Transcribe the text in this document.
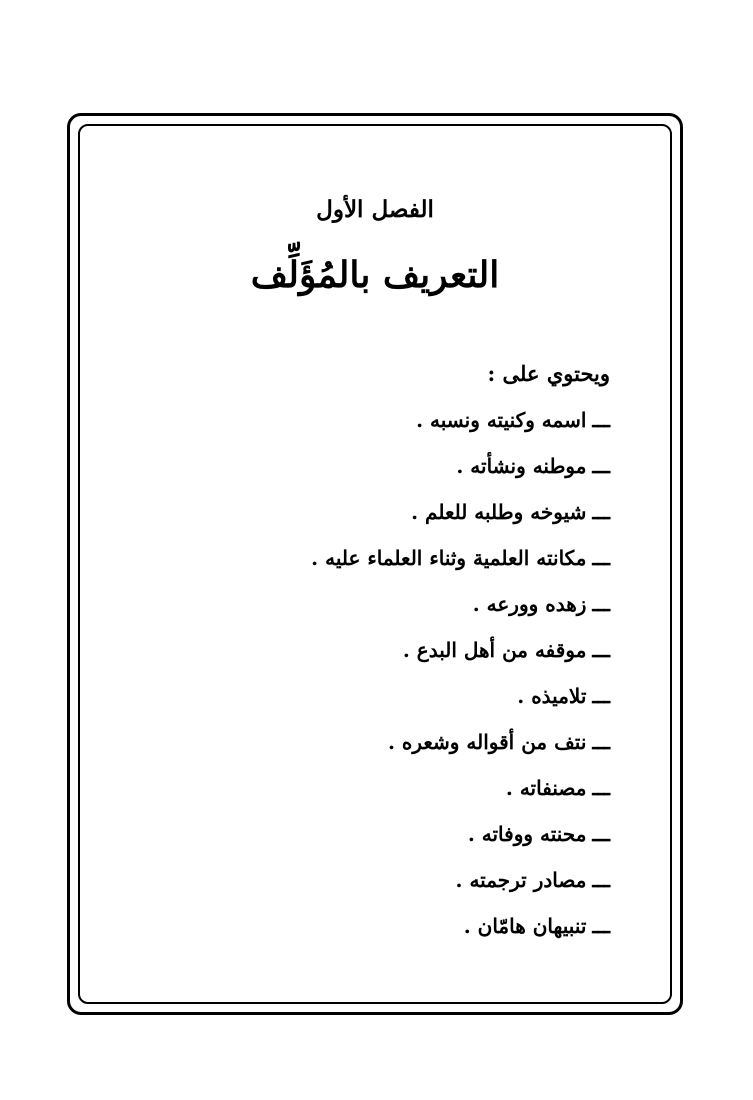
الفصل الأول
التعريف بالمُؤَلِّف
ويحتوي على :
ـــاسمه وكنيته ونسبه .
ـــموطنه ونشأته .
ـــشيوخه وطلبه للعلم .
ـــمكانته العلمية وثناء العلماء عليه .
ـــزهده وورعه .
ـــموقفه من أهل البدع .
ـــتلاميذه .
ـــنتف من أقواله وشعره .
ـــمصنفاته .
ـــمحنته ووفاته .
ـــمصادر ترجمته .
ـــتنبيهان هامّان .
